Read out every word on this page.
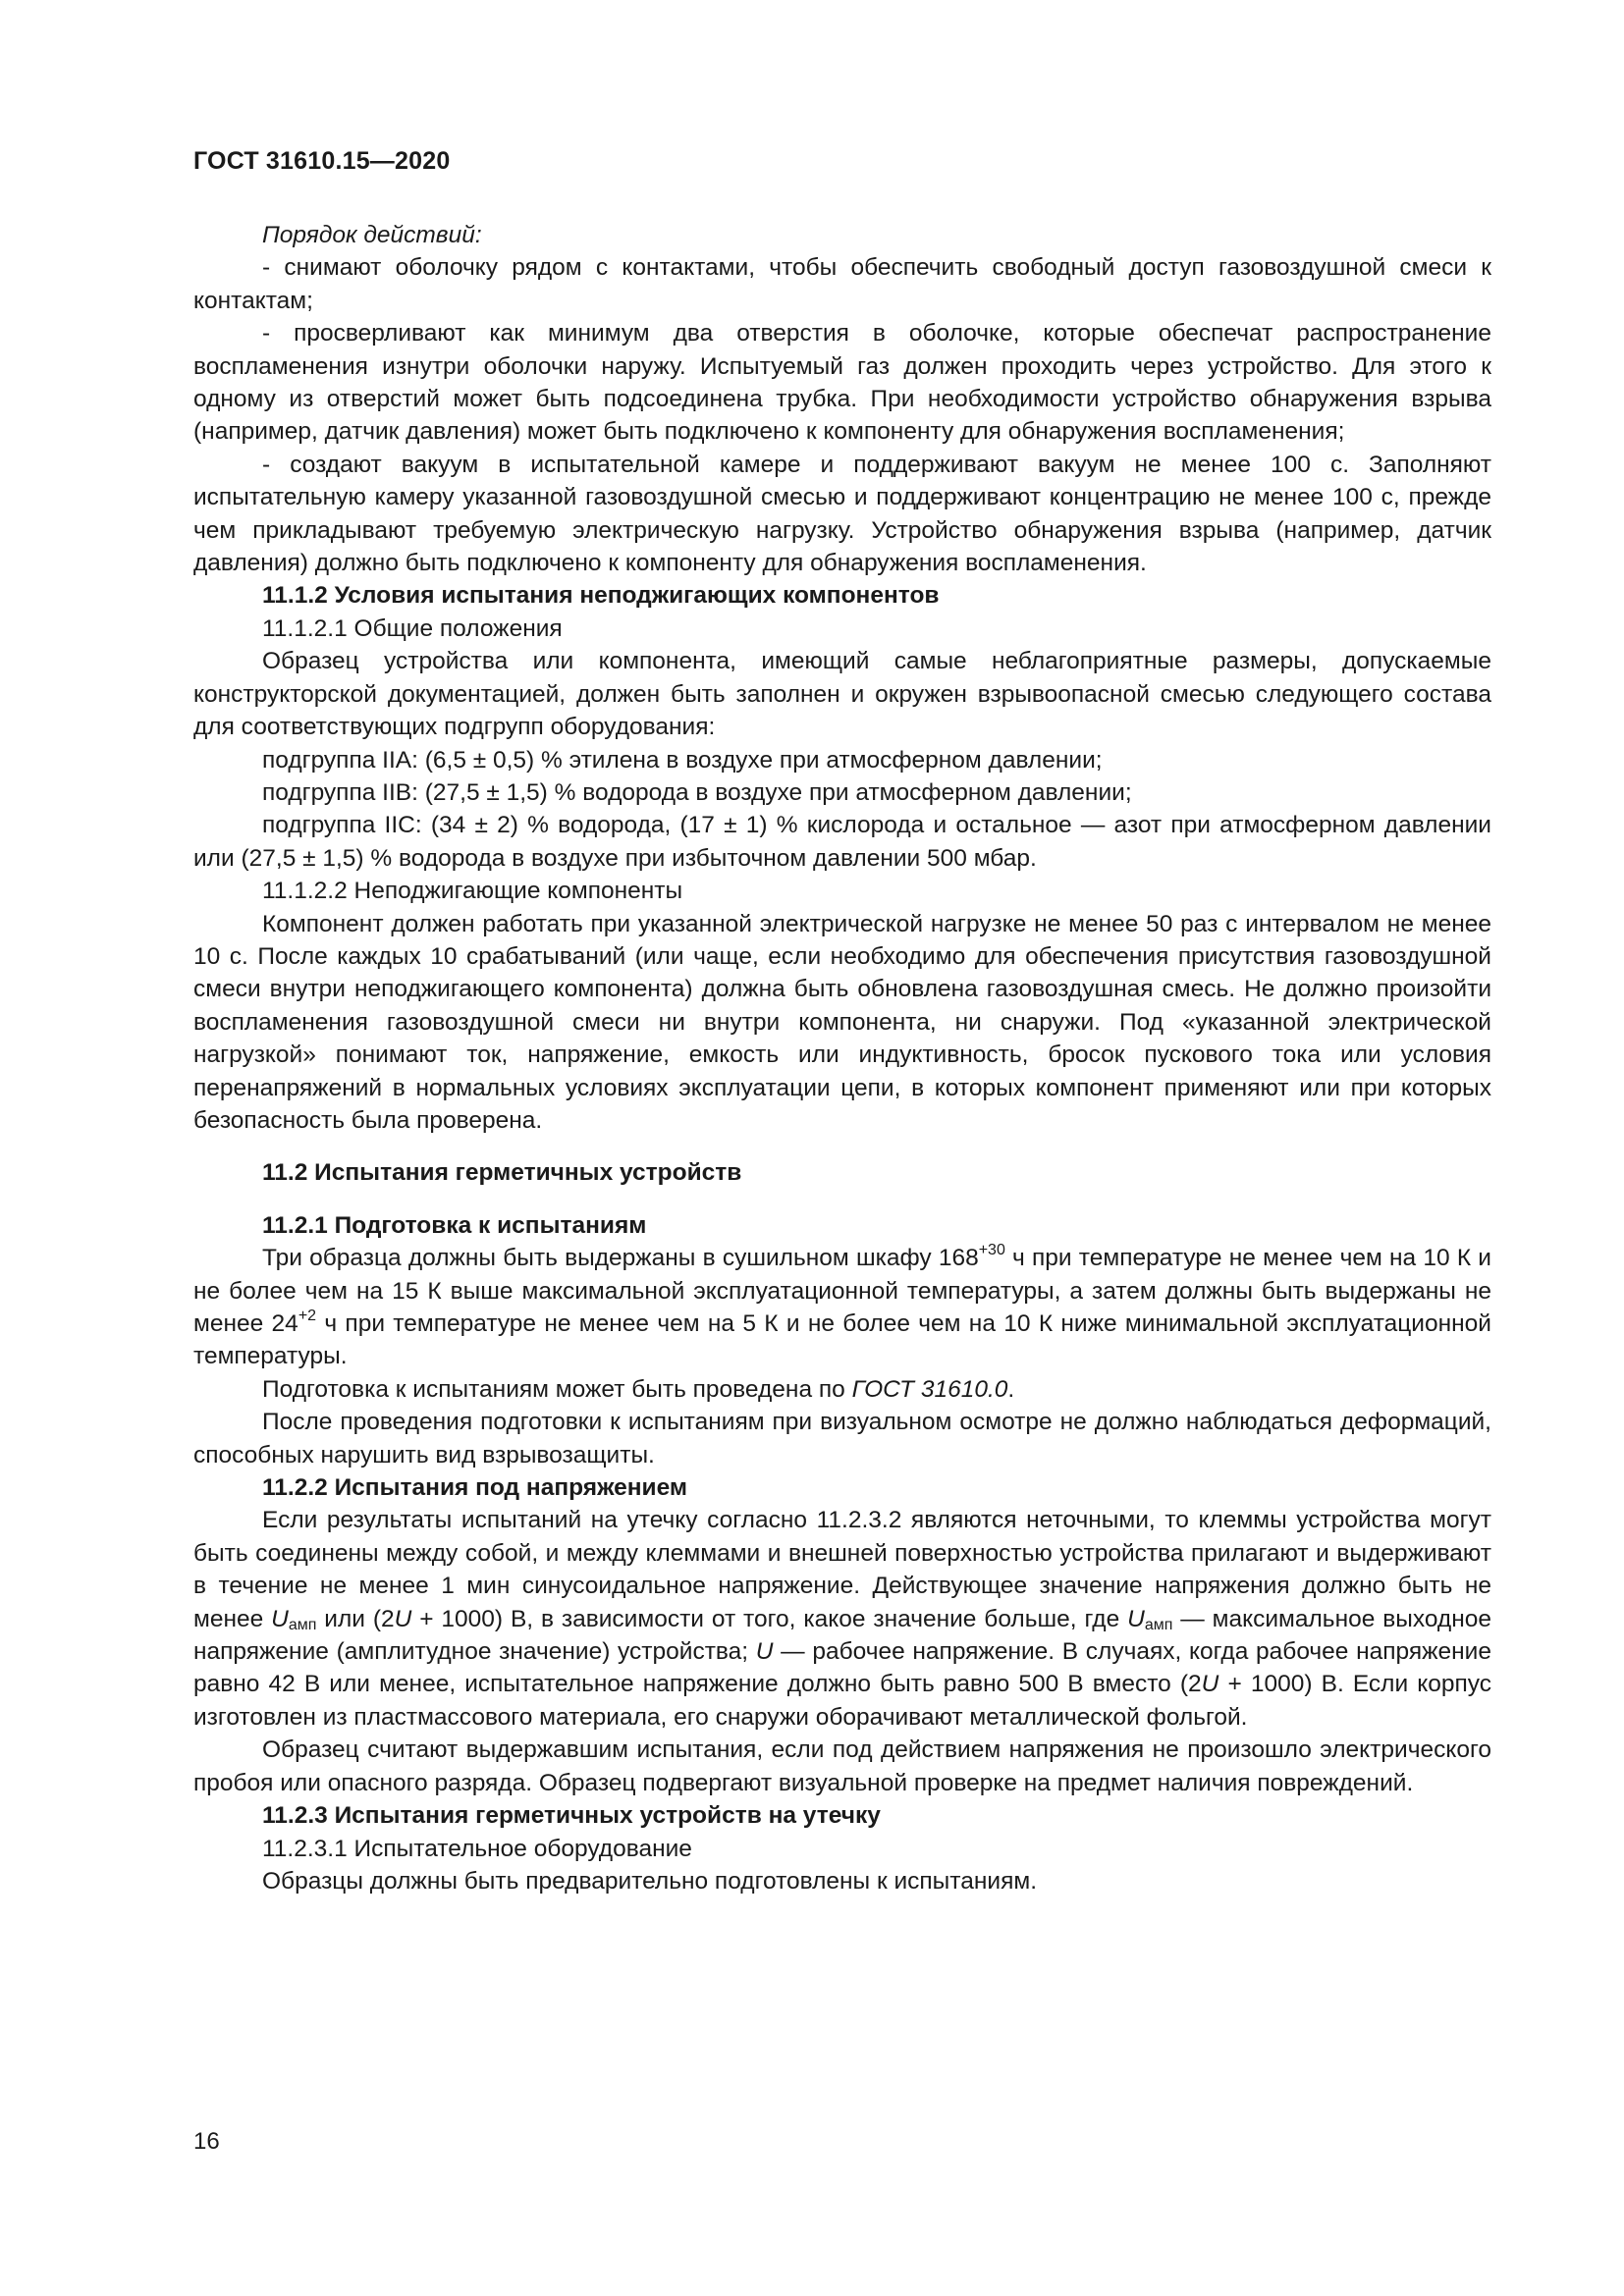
ГОСТ 31610.15—2020

Порядок действий:

- снимают оболочку рядом с контактами, чтобы обеспечить свободный доступ газовоздушной смеси к контактам;

- просверливают как минимум два отверстия в оболочке, которые обеспечат распространение воспламенения изнутри оболочки наружу. Испытуемый газ должен проходить через устройство. Для этого к одному из отверстий может быть подсоединена трубка. При необходимости устройство обнаружения взрыва (например, датчик давления) может быть подключено к компоненту для обнаружения воспламенения;

- создают вакуум в испытательной камере и поддерживают вакуум не менее 100 с. Заполняют испытательную камеру указанной газовоздушной смесью и поддерживают концентрацию не менее 100 с, прежде чем прикладывают требуемую электрическую нагрузку. Устройство обнаружения взрыва (например, датчик давления) должно быть подключено к компоненту для обнаружения воспламенения.

11.1.2 Условия испытания неподжигающих компонентов

11.1.2.1 Общие положения

Образец устройства или компонента, имеющий самые неблагоприятные размеры, допускаемые конструкторской документацией, должен быть заполнен и окружен взрывоопасной смесью следующего состава для соответствующих подгрупп оборудования:

подгруппа IIA: (6,5 ± 0,5) % этилена в воздухе при атмосферном давлении;

подгруппа IIB: (27,5 ± 1,5) % водорода в воздухе при атмосферном давлении;

подгруппа IIC: (34 ± 2) % водорода, (17 ± 1) % кислорода и остальное — азот при атмосферном давлении или (27,5 ± 1,5) % водорода в воздухе при избыточном давлении 500 мбар.

11.1.2.2 Неподжигающие компоненты

Компонент должен работать при указанной электрической нагрузке не менее 50 раз с интервалом не менее 10 с. После каждых 10 срабатываний (или чаще, если необходимо для обеспечения присутствия газовоздушной смеси внутри неподжигающего компонента) должна быть обновлена газовоздушная смесь. Не должно произойти воспламенения газовоздушной смеси ни внутри компонента, ни снаружи. Под «указанной электрической нагрузкой» понимают ток, напряжение, емкость или индуктивность, бросок пускового тока или условия перенапряжений в нормальных условиях эксплуатации цепи, в которых компонент применяют или при которых безопасность была проверена.

11.2 Испытания герметичных устройств

11.2.1 Подготовка к испытаниям

Три образца должны быть выдержаны в сушильном шкафу $168^{+30}$ ч при температуре не менее чем на 10 К и не более чем на 15 К выше максимальной эксплуатационной температуры, а затем должны быть выдержаны не менее $24^{+2}$ ч при температуре не менее чем на 5 К и не более чем на 10 К ниже минимальной эксплуатационной температуры.

Подготовка к испытаниям может быть проведена по ГОСТ 31610.0.

После проведения подготовки к испытаниям при визуальном осмотре не должно наблюдаться деформаций, способных нарушить вид взрывозащиты.

11.2.2 Испытания под напряжением

Если результаты испытаний на утечку согласно 11.2.3.2 являются неточными, то клеммы устройства могут быть соединены между собой, и между клеммами и внешней поверхностью устройства прилагают и выдерживают в течение не менее 1 мин синусоидальное напряжение. Действующее значение напряжения должно быть не менее $U_{амп}$ или (2U + 1000) В, в зависимости от того, какое значение больше, где $U_{амп}$ — максимальное выходное напряжение (амплитудное значение) устройства; U — рабочее напряжение. В случаях, когда рабочее напряжение равно 42 В или менее, испытательное напряжение должно быть равно 500 В вместо (2U + 1000) В. Если корпус изготовлен из пластмассового материала, его снаружи оборачивают металлической фольгой.

Образец считают выдержавшим испытания, если под действием напряжения не произошло электрического пробоя или опасного разряда. Образец подвергают визуальной проверке на предмет наличия повреждений.

11.2.3 Испытания герметичных устройств на утечку

11.2.3.1 Испытательное оборудование

Образцы должны быть предварительно подготовлены к испытаниям.

16
